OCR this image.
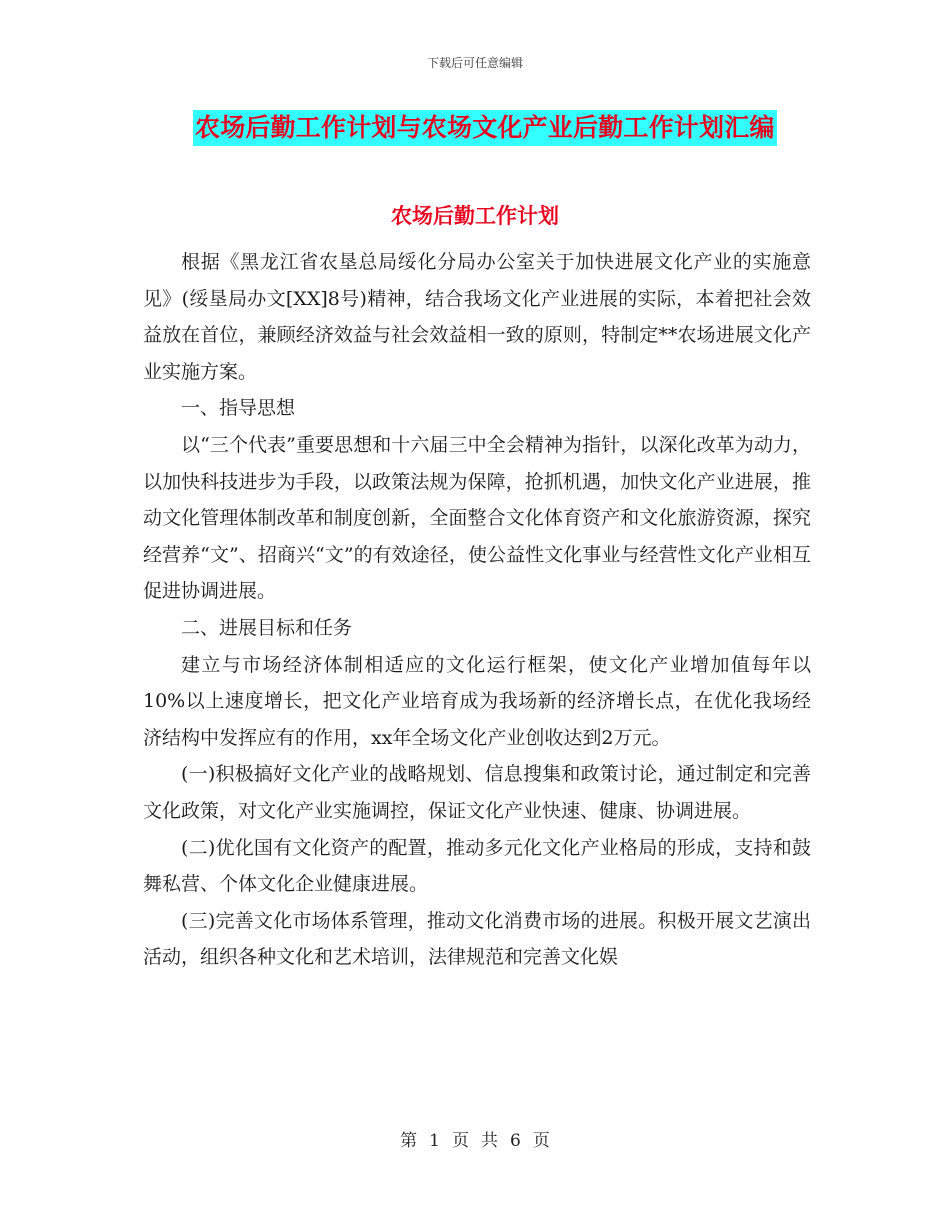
下载后可任意编辑
农场后勤工作计划与农场文化产业后勤工作计划汇编
农场后勤工作计划

根据《黑龙江省农垦总局绥化分局办公室关于加快进展文化产业的实施意见》(绥垦局办文[XX]8号)精神，结合我场文化产业进展的实际，本着把社会效益放在首位，兼顾经济效益与社会效益相一致的原则，特制定**农场进展文化产业实施方案。

一、指导思想

以“三个代表”重要思想和十六届三中全会精神为指针，以深化改革为动力，以加快科技进步为手段，以政策法规为保障，抢抓机遇，加快文化产业进展，推动文化管理体制改革和制度创新，全面整合文化体育资产和文化旅游资源，探究经营养“文”、招商兴“文”的有效途径，使公益性文化事业与经营性文化产业相互促进协调进展。

二、进展目标和任务

建立与市场经济体制相适应的文化运行框架，使文化产业增加值每年以10%以上速度增长，把文化产业培育成为我场新的经济增长点，在优化我场经济结构中发挥应有的作用，xx年全场文化产业创收达到2万元。

(一)积极搞好文化产业的战略规划、信息搜集和政策讨论，通过制定和完善文化政策，对文化产业实施调控，保证文化产业快速、健康、协调进展。

(二)优化国有文化资产的配置，推动多元化文化产业格局的形成，支持和鼓舞私营、个体文化企业健康进展。

(三)完善文化市场体系管理，推动文化消费市场的进展。积极开展文艺演出活动，组织各种文化和艺术培训，法律规范和完善文化娱

第 1 页 共 6 页
